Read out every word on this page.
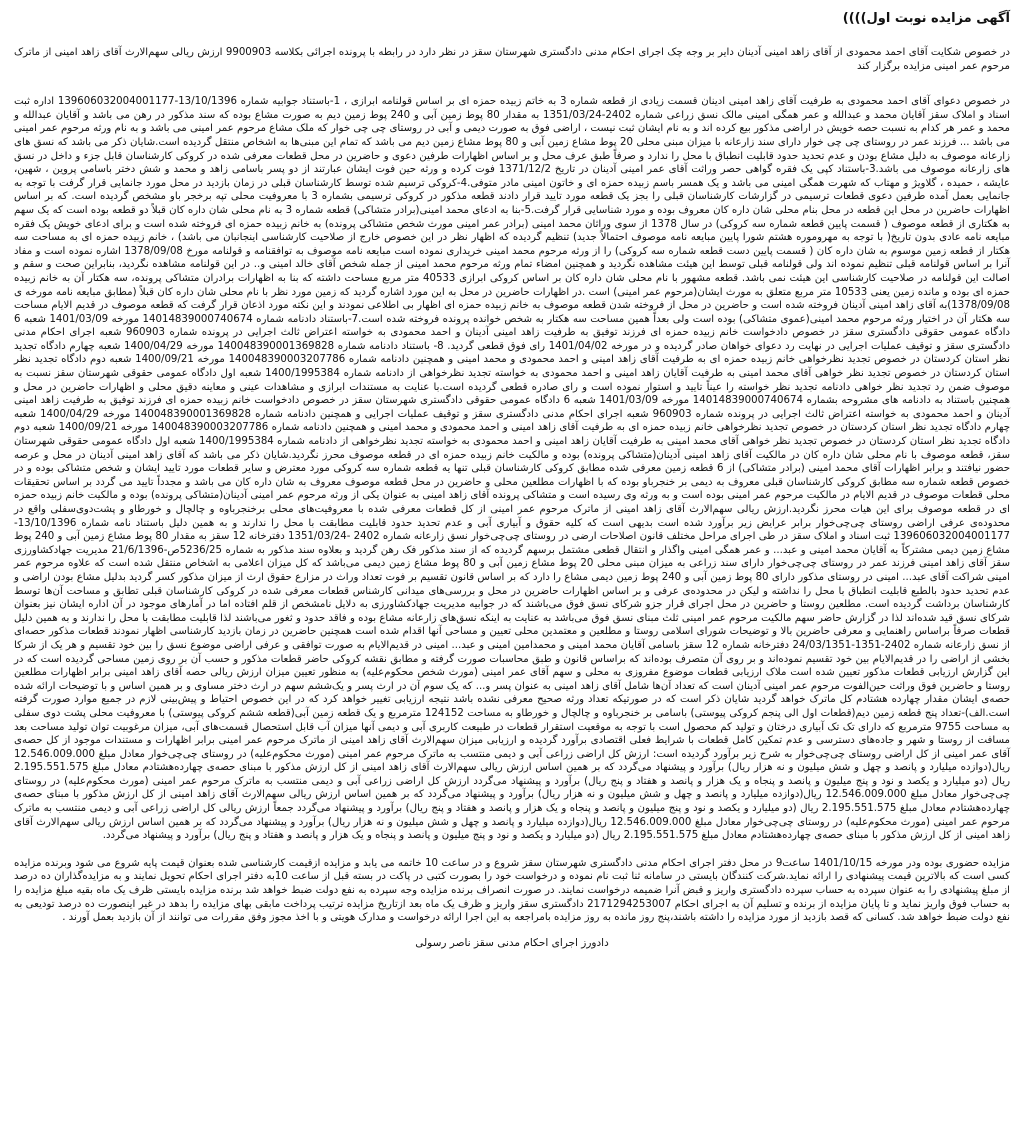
آگهی مزایده نوبت اول))))

در خصوص شکایت آقای احمد محمودی از آقای زاهد امینی آدینان دایر بر وجه چک اجرای احکام مدنی دادگستری شهرستان سقز در نظر دارد در رابطه با پرونده اجرائی بکلاسه 9900903 ارزش ریالی سهم‌الارث آقای زاهد امینی از ماترک مرحوم عمر امینی مزایده برگزار کند

در خصوص دعوای آقای احمد محمودی به طرفیت آقای زاهد امینی ادینان قسمت زیادی از قطعه شماره 3 به خاتم زبیده حمزه ای بر اساس قولنامه ابرازی ، 1-باستناد جوابیه شماره 13/10/1396-139606032004001177 اداره ثبت اسناد و املاک سقز آقایان محمد و عبدالله و عمر همگی امینی مالک نسق زراعی شماره 2402-1351/03/24 به مقدار 80 پوط زمین آبی و 240 پوط زمین دیم به صورت مشاع بوده که سند مذکور در رهن می باشد و آقایان عبدالله و محمد و عمر هر کدام به نسبت حصه خویش در اراضی مذکور بیع کرده اند و به نام ایشان ثبت نیست ، اراضی فوق به صورت دیمی و آبی در روستای چی چی خوار که ملک مشاع مرحوم عمر امینی می باشد و به نام ورثه مرحوم عمر امینی می باشد ... فرزند عمر در روستای چی چی خوار دارای سند زارعانه با میزان مبنی محلی 20 پوط مشاع زمین آبی و 80 پوط مشاع زمین دیم می باشد که تمام این مبنی‌ها به اشخاص منتقل گردیده است.شایان ذکر می باشد که نسق های زارعانه موصوف به دلیل مشاع بودن و عدم تحدید حدود قابلیت انطباق با محل را ندارد و صرفاً طبق عرف محل و بر اساس اظهارات طرفین دعوی و حاضرین در محل قطعات معرفی شده در کروکی کارشناسان قابل جزء و داخل در نسق های زارعانه موصوف می باشد.3-باستناد کپی یک فقره گواهی حصر وراثت آقای عمر امینی آدینان در تاریخ 1371/12/2 فوت کرده و ورثه حین فوت ایشان عبارتند از دو پسر باسامی زاهد و محمد و شش دختر باسامی پروین ، شهین، عایشه ، حمیده ، گلاویژ و مهتاب که شهرت همگی امینی می باشد و یک همسر باسم زبیده حمزه ای و خاتون امینی مادر متوفی.4-کروکی ترسیم شده توسط کارشناسان قبلی در زمان بازدید در محل مورد جانمایی قرار گرفت با توجه به جانمایی بعمل آمده طرفین دعوی قطعات ترسیمی در گزارشات کارشناسان قبلی را بجز یک قطعه مورد تایید قرار دادند قطعه مذکور در کروکی ترسیمی بشماره 3 با معروفیت محلی تپه برخجر باو مشخص گردیده است. که بر اساس اظهارات حاضرین در محل این قطعه در محل بنام محلی شان داره کان معروف بوده و مورد شناسایی قرار گرفت.5-بنا به ادعای محمد امینی(برادر متشاکی) قطعه شماره 3 به نام محلی شان داره کان قبلاً دو قطعه بوده است که یک سهم به هکتاری از قطعه موصوف ( قسمت پایین قطعه شماره سه کروکی) در سال 1378 از سوی وراثان محمد امینی (برادر عمر امینی مورث شخص متشاکی پرونده) به خانم زبیده حمزه ای فروخته شده است و برای ادعای خویش یک فقره مبایعه نامه عادی بدون تاریخ( با توجه به مهروموره هشتم شورا پایین مبایعه نامه موصوف احتمالاً جدید) تنظیم گردیده که اظهار نظر در این خصوص خارج از صلاحیت کارشناسی اینجانبان می باشد) ، خانم زبیده حمزه ای به مساحت سه هکتار از قطعه زمین موسوم به شان داره کان ( قسمت پایین دست قطعه شماره سه کروکی) را از ورثه مرحوم محمد امینی خریداری نموده است مبایعه نامه موصوف به توافقنامه و قولنامه مورخ 1378/09/08 اشاره نموده است و مفاد آنرا بر اساس قولنامه قبلی تنظیم نموده اند ولی قولنامه قبلی توسط این هیئت مشاهده نگردید و همچنین امضاء تمام ورثه مرحوم محمد امینی از جمله شخص آقای خالد امینی و.. در این قولنامه مشاهده نگردید، بنابراین صحت و سقم و اصالت این قولنامه در صلاحیت کارشناسی این هیئت نمی باشد. قطعه مشهور با نام محلی شان داره کان بر اساس کروکی ابرازی 40533 متر مربع مساحت داشته که بنا به اظهارات برادران متشاکی پرونده، سه هکتار آن به خانم زبیده حمزه ای بوده و مانده زمین یعنی 10533 متر مربع متعلق به مورث ایشان(مرحوم عمر امینی) است .در اظهارات حاضرین در محل به این مورد اشاره گردید که زمین مورد نظر با نام محلی شان داره کان قبلاً (مطابق مبایعه نامه مورخه ی 1378/09/08)به آقای زاهد امینی آدینان فروخته شده است و حاضرین در محل از فروخته شدن قطعه موصوف به خانم زبیده حمزه ای اظهار بی اطلاعی نمودند و این نکته مورد اذعان قرار گرفت که قطعه موصوف در قدیم الایام مساحت سه هکتار آن در اختیار ورثه مرحوم محمد امینی(عموی متشاکی) بوده است ولی بعداً همین مساحت سه هکتار به شخص خوانده پرونده فروخته شده است.7-باستناد دادنامه شماره 14014839000740674 مورخه 1401/03/09 شعبه 6 دادگاه عمومی حقوقی دادگستری سقز در خصوص دادخواست خانم زبیده حمزه ای فرزند توفیق به طرفیت زاهد امینی آدینان و احمد محمودی به خواسته اعتراض ثالث اجرایی در پرونده شماره 960903 شعبه اجرای احکام مدنی دادگستری سقز و توقیف عملیات اجرایی در نهایت رد دعوای خواهان صادر گردیده و در مورخه 1401/04/02 رای فوق قطعی گردید. 8- باستناد دادنامه شماره 140048390001369828 مورخه 1400/04/29 شعبه چهارم دادگاه تجدید نظر استان کردستان در خصوص تجدید نظرخواهی خانم زبیده حمزه ای به طرفیت آقای زاهد امینی و احمد محمودی و محمد امینی و همچنین دادنامه شماره 140048390003207786 مورخه 1400/09/21 شعبه دوم دادگاه تجدید نظر استان کردستان در خصوص تجدید نظر خواهی آقای محمد امینی به طرفیت آقایان زاهد امینی و احمد محمودی به خواسته تجدید نظرخواهی از دادنامه شماره 1400/1995384 شعبه اول دادگاه عمومی حقوقی شهرستان سقز نسبت به موصوف ضمن رد تجدید نظر خواهی دادنامه تجدید نظر خواسته را عیناً تایید و استوار نموده است و رای صادره قطعی گردیده است.با عنایت به مستندات ابرازی و مشاهدات عینی و معاینه دقیق محلی و اظهارات حاضرین در محل و همچنین باستناد به دادنامه های مشروحه بشماره 14014839000740674 مورخه 1401/03/09 شعبه 6 دادگاه عمومی حقوقی دادگستری شهرستان سقز در خصوص دادخواست خانم زبیده حمزه ای فرزند توفیق به طرفیت زاهد امینی آدینان و احمد محمودی به خواسته اعتراض ثالث اجرایی در پرونده شماره 960903 شعبه اجرای احکام مدنی دادگستری سقز و توقیف عملیات اجرایی و همچنین دادنامه شماره 140048390001369828 مورخه 1400/04/29 شعبه چهارم دادگاه تجدید نظر استان کردستان در خصوص تجدید نظرخواهی خانم زبیده حمزه ای به طرفیت آقای زاهد امینی و احمد محمودی و محمد امینی و همچنین دادنامه شماره 140048390003207786 مورخه 1400/09/21 شعبه دوم دادگاه تجدید نظر استان کردستان در خصوص تجدید نظر خواهی آقای محمد امینی به طرفیت آقایان زاهد امینی و احمد محمودی به خواسته تجدید نظرخواهی از دادنامه شماره 1400/1995384 شعبه اول دادگاه عمومی حقوقی شهرستان سقز، قطعه موصوف با نام محلی شان داره کان در مالکیت آقای زاهد امینی آدینان(متشاکی پرونده) بوده و مالکیت خانم زبیده حمزه ای در قطعه موصوف محرز نگردید.شایان ذکر می باشد که آقای زاهد امینی آدینان در محل و عرصه حضور نیافتند و برابر اظهارات آقای محمد امینی (برادر متشاکی) از 6 قطعه زمین معرفی شده مطابق کروکی کارشناسان قبلی تنها یه قطعه شماره سه کروکی مورد معترض و سایر قطعات مورد تایید ایشان و شخص متشاکی بوده و در خصوص قطعه شماره سه مطابق کروکی کارشناسان قبلی معروف به دیمی بر خنجرباو بوده که با اظهارات مطلعین محلی و حاضرین در محل قطعه موصوف معروف به شان داره کان می باشد و مجدداً تایید می گردد بر اساس تحقیقات محلی قطعات موصوف در قدیم الایام در مالکیت مرحوم عمر امینی بوده است و به ورثه وی رسیده است و متشاکی پرونده آقای زاهد امینی به عنوان یکی از ورثه مرحوم عمر امینی آدینان(متشاکی پرونده) بوده و مالکیت خانم زبیده حمزه ای در قطعه موصوف برای این هیات محرز نگردید.ارزش ریالی سهم‌الارث آقای زاهد امینی از ماترک مرحوم عمر امینی از کل قطعات معرفی شده با معروفیت‌های محلی برخنجرباوه و چالچال و خورطاو و پشت‌دوی‌سفلی واقع در محدوده‌ی عرفی اراضی روستای چی‌چی‌خوار برابر عرایض زیر برآورد شده است بدیهی است که کلیه حقوق و آبیاری آبی و عدم تحدید حدود قابلیت مطابقت با محل را ندارند و به همین دلیل باستناد نامه شماره 13/10/1396-139606032004001177 ثبت اسناد و املاک سقز در طی اجرای مراحل مختلف قانون اصلاحات ارضی در روستای چی‌چی‌خوار نسق زارعانه شماره 2402 -1351/03/24 دفترخانه 12 سقز به مقدار 80 پوط مشاع زمین آبی و 240 پوط مشاع زمین دیمی مشترکاً به آقایان محمد امینی و عبد... و عمر همگی امینی واگذار و انتقال قطعی مشتمل برسهم گردیده که از سند مذکور فک رهن گردید و بعلاوه سند مذکور به شماره 5236/25ص-21/6/1396 مدیریت جهادکشاورزی سقز آقای زاهد امینی فرزند عمر در روستای چی‌چی‌خوار دارای سند زراعی به میزان مبنی محلی 20 پوط مشاع زمین آبی و 80 پوط مشاع زمین دیمی می‌باشد که کل میزان اعلامی به اشخاص منتقل شده است که علاوه مرحوم عمر امینی شراکت آقای عبد... امینی در روستای مذکور دارای 80 پوط زمین آبی و 240 پوط زمین دیمی مشاع را دارد که بر اساس قانون تقسیم بر فوت تعداد وراث در مزارع حقوق ارث از میزان مذکور کسر گردید بدلیل مشاع بودن اراضی و عدم تحدید حدود بالطبع قابلیت انطباق با محل را نداشته و لیکن در محدوده‌ی عرفی و بر اساس اظهارات حاضرین در محل و بررسی‌های میدانی کارشناس قطعات معرفی شده در کروکی کارشناسان قبلی تطابق و مساحت آن‌ها توسط کارشناسان برداشت گردیده است. مطلعین روستا و حاضرین در محل اجرای قرار جزو شرکای نسق فوق می‌باشند که در جوابیه مدیریت جهادکشاورزی به دلایل نامشخص از قلم افتاده اما در آمارهای موجود در آن اداره ایشان نیز بعنوان شرکای نسق قید شده‌اند لذا در گزارش حاضر سهم مالکیت مرحوم عمر امینی ثلث مبنای نسق فوق می‌باشد به عنایت به اینکه نسق‌های زارعانه مشاع بوده و فاقد حدود و ثغور می‌باشند لذا قابلیت مطابقت با محل را ندارند و به همین دلیل قطعات صرفاً براساس راهنمایی و معرفی حاضرین بالا و توضیحات شورای اسلامی روستا و مطلعین و معتمدین محلی تعیین و مساحی آنها اقدام شده است همچنین حاضرین در زمان بازدید کارشناسی اظهار نمودند قطعات مذکور حصه‌ای از نسق زارعانه شماره 2402-1351-24/03/1351 دفترخانه شماره 12 سقز باسامی آقایان محمد امینی و محمدامین امینی و عبد... امینی در قدیم‌الایام به صورت توافقی و عرفی اراضی موضوع نسق را بین خود تقسیم و هر یک از شرکا بخشی از اراضی را در قدیم‌الایام بین خود تقسیم نموده‌اند و بر روی آن متصرف بوده‌اند که براساس قانون و طبق محاسبات صورت گرفته و مطابق نقشه کروکی حاضر قطعات مذکور و حسب آن بر روی زمین مساحی گردیده است که در این گزارش ارزیابی قطعات مذکور تعیین شده است ملاک ارزیابی قطعات موضوع مفروزی به محلی و سهم آقای عمر امینی (مورث شخص محکوم‌علیه) به منظور تعیین میزان ارزش ریالی حصه آقای زاهد امینی برابر اظهارات مطلعین روستا و حاضرین فوق وراثت حین‌الفوت مرحوم عمر امینی آدینان است که تعداد آن‌ها شامل آقای زاهد امینی به عنوان پسر و... که یک سوم آن در ارث پسر و یک‌ششم سهم در ارث دختر مساوی و بر همین اساس و با توضیحات ارائه شده حصه‌ی ایشان مقدار چهارده هشتادم کل ماترک خواهد گردید شایان ذکر است که در صورتیکه تعداد ورثه صحیح معرفی نشده باشد نتیجه ارزیابی تغییر خواهد کرد که در این خصوص احتیاط و پیش‌بینی لازم در جمیع موارد صورت گرفته است.الف)-تعداد پنج قطعه زمین دیم(قطعات اول الی پنجم کروکی پیوستی) باسامی بر خنجرباوه و چالچال و خورطاو به مساحت 124152 مترمربع و یک قطعه زمین آبی(قطعه ششم کروکی پیوستی) با معروفیت محلی پشت دوی سفلی به مساحت 9755 مترمربع که دارای تک تک آبیاری درختان و تولید کم محصول است با توجه به موقعیت استقرار قطعات در طبیعت کاربری آبی و دیمی آنها میزان آب قابل استحصال قسمت‌های آبی، میزان مرغوبیت توان تولید مساحت بعد مسافت از روستا و شهر و جاده‌های دسترسی و عدم تمکین کامل قطعات با شرایط فعلی اقتصادی برآورد گردیده و ارزیابی میزان سهم‌الارث آقای زاهد امینی از ماترک مرحوم عمر امینی برابر اظهارات و مستندات موجود از کل حصه‌ی آقای عمر امینی از کل اراضی روستای چی‌چی‌خوار به شرح زیر برآورد گردیده است: ارزش کل اراضی زراعی آبی و دیمی منتسب به ماترک مرحوم عمر امینی (مورث محکوم‌علیه) در روستای چی‌چی‌خوار معادل مبلغ 12.546.009.000 ریال(دوازده میلیارد و پانصد و چهل و شش میلیون و نه هزار ریال) برآورد و پیشنهاد می‌گردد که بر همین اساس ارزش ریالی سهم‌الارث آقای زاهد امینی از کل ارزش مذکور با مبنای حصه‌ی چهارده‌هشتادم معادل مبلغ 2.195.551.575 ریال (دو میلیارد و یکصد و نود و پنج میلیون و پانصد و پنجاه و یک هزار و پانصد و هفتاد و پنج ریال) برآورد و پیشنهاد می‌گردد ارزش کل اراضی زراعی آبی و دیمی منتسب به ماترک مرحوم عمر امینی (مورث محکوم‌علیه) در روستای چی‌چی‌خوار معادل مبلغ 12.546.009.000 ریال(دوازده میلیارد و پانصد و چهل و شش میلیون و نه هزار ریال) برآورد و پیشنهاد می‌گردد که بر همین اساس ارزش ریالی سهم‌الارث آقای زاهد امینی از کل ارزش مذکور با مبنای حصه‌ی چهارده‌هشتادم معادل مبلغ 2.195.551.575 ریال (دو میلیارد و یکصد و نود و پنج میلیون و پانصد و پنجاه و یک هزار و پانصد و هفتاد و پنج ریال) برآورد و پیشنهاد می‌گردد جمعاً ارزش ریالی کل اراضی زراعی آبی و دیمی منتسب به ماترک مرحوم عمر امینی (مورث محکوم‌علیه) در روستای چی‌چی‌خوار معادل مبلغ 12.546.009.000 ریال(دوازده میلیارد و پانصد و چهل و شش میلیون و نه هزار ریال) برآورد و پیشنهاد می‌گردد که بر همین اساس ارزش ریالی سهم‌الارث آقای زاهد امینی از کل ارزش مذکور با مبنای حصه‌ی چهارده‌هشتادم معادل مبلغ 2.195.551.575 ریال (دو میلیارد و یکصد و نود و پنج میلیون و پانصد و پنجاه و یک هزار و پانصد و هفتاد و پنج ریال) برآورد و پیشنهاد می‌گردد.

مزایده حضوری بوده ودر مورخه 1401/10/15 ساعت9 در محل دفتر اجرای احکام مدنی دادگستری شهرستان سقز شروع و در ساعت 10 خاتمه می یابد و مزایده ازقیمت کارشناسی شده بعنوان قیمت پایه شروع می شود وبرنده مزایده کسی است که بالاترین قیمت پیشنهادی را ارائه نماید.شرکت کنندگان بایستی در سامانه ثنا ثبت نام نموده و درخواست خود را بصورت کتبی در پاکت در بسته قبل از ساعت 10به دفتر اجرای احکام تحویل نمایند و به مزایده‌گذاران ده درصد از مبلغ پیشنهادی را به عنوان سپرده به حساب سپرده دادگستری واریز و قبض آنرا ضمیمه درخواست نمایند. در صورت انصراف برنده مزایده وجه سپرده به نفع دولت ضبط خواهد شد برنده مزایده بایستی ظرف یک ماه بقیه مبلغ مزایده را به حساب فوق واریز نماید و تا پایان مزایده از برنده و تسلیم آن به اجرای احکام 2171294253007 دادگستری سقز واریز و ظرف یک ماه بعد ازتاریخ مزایده ترتیب پرداخت مابقی بهای مزایده را بدهد در غیر اینصورت ده درصد تودیعی به نفع دولت ضبط خواهد شد. کسانی که قصد بازدید از مورد مزایده را داشته باشند،پنج روز مانده به روز مزایده بامراجعه به این اجرا ارائه درخواست و مدارک هویتی و با اخذ مجوز وفق مقررات می توانند از آن بازدید بعمل آورند .

دادورز اجرای احکام مدنی سقز ناصر رسولی
